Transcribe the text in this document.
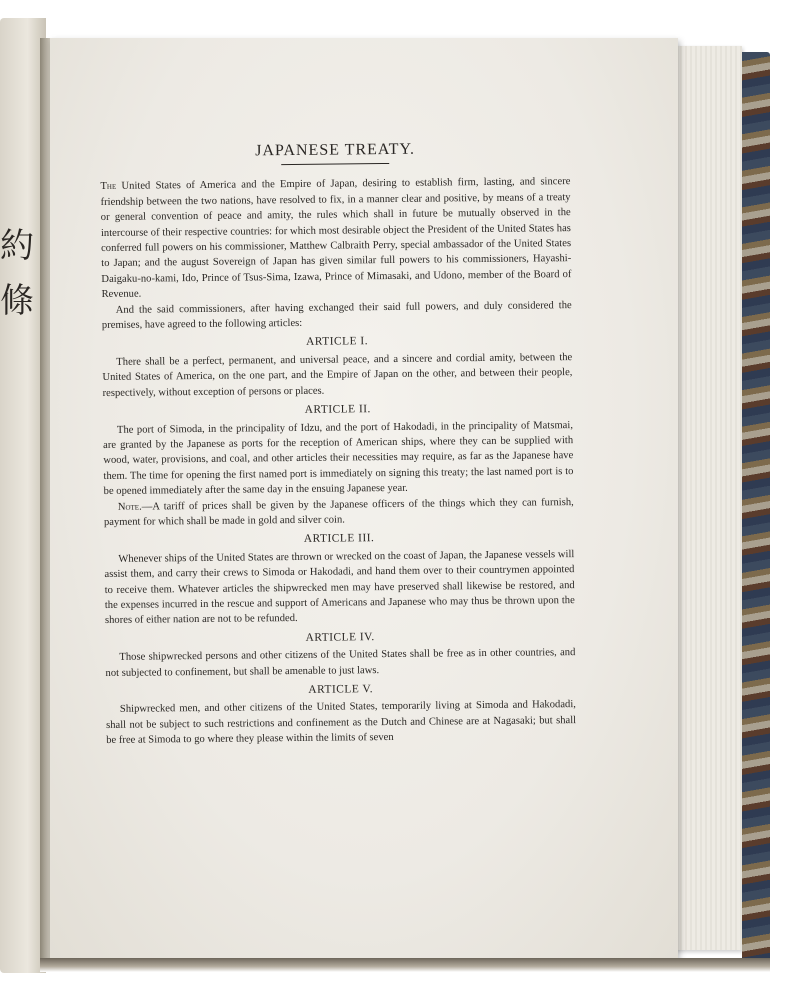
約
條
JAPANESE TREATY.

The United States of America and the Empire of Japan, desiring to establish firm, lasting, and sincere friendship between the two nations, have resolved to fix, in a manner clear and positive, by means of a treaty or general convention of peace and amity, the rules which shall in future be mutually observed in the intercourse of their respective countries: for which most desirable object the President of the United States has conferred full powers on his commissioner, Matthew Calbraith Perry, special ambassador of the United States to Japan; and the august Sovereign of Japan has given similar full powers to his commissioners, Hayashi-Daigaku-no-kami, Ido, Prince of Tsus-Sima, Izawa, Prince of Mimasaki, and Udono, member of the Board of Revenue.

And the said commissioners, after having exchanged their said full powers, and duly considered the premises, have agreed to the following articles:

ARTICLE I.

There shall be a perfect, permanent, and universal peace, and a sincere and cordial amity, between the United States of America, on the one part, and the Empire of Japan on the other, and between their people, respectively, without exception of persons or places.

ARTICLE II.

The port of Simoda, in the principality of Idzu, and the port of Hakodadi, in the principality of Matsmai, are granted by the Japanese as ports for the reception of American ships, where they can be supplied with wood, water, provisions, and coal, and other articles their necessities may require, as far as the Japanese have them. The time for opening the first named port is immediately on signing this treaty; the last named port is to be opened immediately after the same day in the ensuing Japanese year.

Note.—A tariff of prices shall be given by the Japanese officers of the things which they can furnish, payment for which shall be made in gold and silver coin.

ARTICLE III.

Whenever ships of the United States are thrown or wrecked on the coast of Japan, the Japanese vessels will assist them, and carry their crews to Simoda or Hakodadi, and hand them over to their countrymen appointed to receive them. Whatever articles the shipwrecked men may have preserved shall likewise be restored, and the expenses incurred in the rescue and support of Americans and Japanese who may thus be thrown upon the shores of either nation are not to be refunded.

ARTICLE IV.

Those shipwrecked persons and other citizens of the United States shall be free as in other countries, and not subjected to confinement, but shall be amenable to just laws.

ARTICLE V.

Shipwrecked men, and other citizens of the United States, temporarily living at Simoda and Hakodadi, shall not be subject to such restrictions and confinement as the Dutch and Chinese are at Nagasaki; but shall be free at Simoda to go where they please within the limits of seven
